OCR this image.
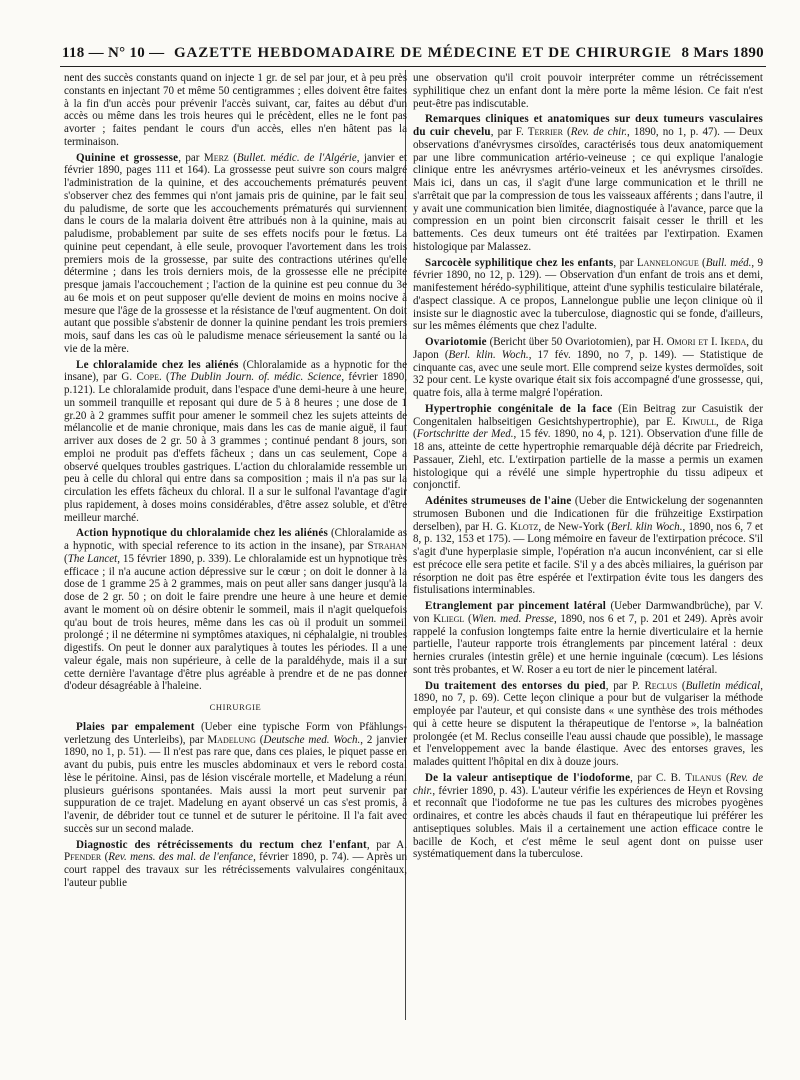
118 — N° 10 — GAZETTE HEBDOMADAIRE DE MÉDECINE ET DE CHIRURGIE 8 Mars 1890

nent des succès constants quand on injecte 1 gr. de sel par jour, et à peu près constants en injectant 70 et même 50 centigrammes ; elles doivent être faites à la fin d'un accès pour prévenir l'accès suivant, car, faites au début d'un accès ou même dans les trois heures qui le précèdent, elles ne le font pas avorter ; faites pendant le cours d'un accès, elles n'en hâtent pas la terminaison.

Quinine et grossesse, par Merz (Bullet. médic. de l'Algérie, janvier et février 1890, pages 111 et 164). La grossesse peut suivre son cours malgré l'administration de la quinine, et des accouchements prématurés peuvent s'observer chez des femmes qui n'ont jamais pris de quinine, par le fait seul du paludisme, de sorte que les accouchements prématurés qui surviennent dans le cours de la malaria doivent être attribués non à la quinine, mais au paludisme, probablement par suite de ses effets nocifs pour le fœtus. La quinine peut cependant, à elle seule, provoquer l'avortement dans les trois premiers mois de la grossesse, par suite des contractions utérines qu'elle détermine ; dans les trois derniers mois, de la grossesse elle ne précipite presque jamais l'accouchement ; l'action de la quinine est peu connue du 3e au 6e mois et on peut supposer qu'elle devient de moins en moins nocive à mesure que l'âge de la grossesse et la résistance de l'œuf augmentent. On doit autant que possible s'abstenir de donner la quinine pendant les trois premiers mois, sauf dans les cas où le paludisme menace sérieusement la santé ou la vie de la mère.

Le chloralamide chez les aliénés (Chloralamide as a hypnotic for the insane), par G. Cope. (The Dublin Journ. of. médic. Science, février 1890, p.121). Le chloralamide produit, dans l'espace d'une demi-heure à une heure, un sommeil tranquille et reposant qui dure de 5 à 8 heures ; une dose de 1 gr.20 à 2 grammes suffit pour amener le sommeil chez les sujets atteints de mélancolie et de manie chronique, mais dans les cas de manie aiguë, il faut arriver aux doses de 2 gr. 50 à 3 grammes ; continué pendant 8 jours, son emploi ne produit pas d'effets fâcheux ; dans un cas seulement, Cope a observé quelques troubles gastriques. L'action du chloralamide ressemble un peu à celle du chloral qui entre dans sa composition ; mais il n'a pas sur la circulation les effets fâcheux du chloral. Il a sur le sulfonal l'avantage d'agir plus rapidement, à doses moins considérables, d'être assez soluble, et d'être meilleur marché.

Action hypnotique du chloralamide chez les aliénés (Chloralamide as a hypnotic, with special reference to its action in the insane), par Strahan (The Lancet, 15 février 1890, p. 339). Le chloralamide est un hypnotique très efficace ; il n'a aucune action dépressive sur le cœur ; on doit le donner à la dose de 1 gramme 25 à 2 grammes, mais on peut aller sans danger jusqu'à la dose de 2 gr. 50 ; on doit le faire prendre une heure à une heure et demie avant le moment où on désire obtenir le sommeil, mais il n'agit quelquefois qu'au bout de trois heures, même dans les cas où il produit un sommeil prolongé ; il ne détermine ni symptômes ataxiques, ni céphalalgie, ni troubles digestifs. On peut le donner aux paralytiques à toutes les périodes. Il a une valeur égale, mais non supérieure, à celle de la paraldéhyde, mais il a sur cette dernière l'avantage d'être plus agréable à prendre et de ne pas donner d'odeur désagréable à l'haleine.

CHIRURGIE

Plaies par empalement (Ueber eine typische Form von Pfählungs-verletzung des Unterleibs), par Madelung (Deutsche med. Woch., 2 janvier 1890, no 1, p. 51). — Il n'est pas rare que, dans ces plaies, le piquet passe en avant du pubis, puis entre les muscles abdominaux et vers le rebord costal lèse le péritoine. Ainsi, pas de lésion viscérale mortelle, et Madelung a réuni plusieurs guérisons spontanées. Mais aussi la mort peut survenir par suppuration de ce trajet. Madelung en ayant observé un cas s'est promis, à l'avenir, de débrider tout ce tunnel et de suturer le péritoine. Il l'a fait avec succès sur un second malade.

Diagnostic des rétrécissements du rectum chez l'enfant, par A. Pfender (Rev. mens. des mal. de l'enfance, février 1890, p. 74). — Après un court rappel des travaux sur les rétrécissements valvulaires congénitaux, l'auteur publie

une observation qu'il croit pouvoir interpréter comme un rétrécissement syphilitique chez un enfant dont la mère porte la même lésion. Ce fait n'est peut-être pas indiscutable.

Remarques cliniques et anatomiques sur deux tumeurs vasculaires du cuir chevelu, par F. Terrier (Rev. de chir., 1890, no 1, p. 47). — Deux observations d'anévrysmes cirsoïdes, caractérisés tous deux anatomiquement par une libre communication artério-veineuse ; ce qui explique l'analogie clinique entre les anévrysmes artério-veineux et les anévrysmes cirsoïdes. Mais ici, dans un cas, il s'agit d'une large communication et le thrill ne s'arrêtait que par la compression de tous les vaisseaux afférents ; dans l'autre, il y avait une communication bien limitée, diagnostiquée à l'avance, parce que la compression en un point bien circonscrit faisait cesser le thrill et les battements. Ces deux tumeurs ont été traitées par l'extirpation. Examen histologique par Malassez.

Sarcocèle syphilitique chez les enfants, par Lannelongue (Bull. méd., 9 février 1890, no 12, p. 129). — Observation d'un enfant de trois ans et demi, manifestement hérédo-syphilitique, atteint d'une syphilis testiculaire bilatérale, d'aspect classique. A ce propos, Lannelongue publie une leçon clinique où il insiste sur le diagnostic avec la tuberculose, diagnostic qui se fonde, d'ailleurs, sur les mêmes éléments que chez l'adulte.

Ovariotomie (Bericht über 50 Ovariotomien), par H. Omori et I. Ikeda, du Japon (Berl. klin. Woch., 17 fév. 1890, no 7, p. 149). — Statistique de cinquante cas, avec une seule mort. Elle comprend seize kystes dermoïdes, soit 32 pour cent. Le kyste ovarique était six fois accompagné d'une grossesse, qui, quatre fois, alla à terme malgré l'opération.

Hypertrophie congénitale de la face (Ein Beitrag zur Casuistik der Congenitalen halbseitigen Gesichtshypertrophie), par E. Kiwull, de Riga (Fortschritte der Med., 15 fév. 1890, no 4, p. 121). Observation d'une fille de 18 ans, atteinte de cette hypertrophie remarquable déjà décrite par Friedreich, Passauer, Ziehl, etc. L'extirpation partielle de la masse a permis un examen histologique qui a révélé une simple hypertrophie du tissu adipeux et conjonctif.

Adénites strumeuses de l'aine (Ueber die Entwickelung der sogenannten strumosen Bubonen und die Indicationen für die frühzeitige Exstirpation derselben), par H. G. Klotz, de New-York (Berl. klin Woch., 1890, nos 6, 7 et 8, p. 132, 153 et 175). — Long mémoire en faveur de l'extirpation précoce. S'il s'agit d'une hyperplasie simple, l'opération n'a aucun inconvénient, car si elle est précoce elle sera petite et facile. S'il y a des abcès miliaires, la guérison par résorption ne doit pas être espérée et l'extirpation évite tous les dangers des fistulisations interminables.

Etranglement par pincement latéral (Ueber Darmwandbrüche), par V. von Kliegl (Wien. med. Presse, 1890, nos 6 et 7, p. 201 et 249). Après avoir rappelé la confusion longtemps faite entre la hernie diverticulaire et la hernie partielle, l'auteur rapporte trois étranglements par pincement latéral : deux hernies crurales (intestin grêle) et une hernie inguinale (cœcum). Les lésions sont très probantes, et W. Roser a eu tort de nier le pincement latéral.

Du traitement des entorses du pied, par P. Reclus (Bulletin médical, 1890, no 7, p. 69). Cette leçon clinique a pour but de vulgariser la méthode employée par l'auteur, et qui consiste dans « une synthèse des trois méthodes qui à cette heure se disputent la thérapeutique de l'entorse », la balnéation prolongée (et M. Reclus conseille l'eau aussi chaude que possible), le massage et l'enveloppement avec la bande élastique. Avec des entorses graves, les malades quittent l'hôpital en dix à douze jours.

De la valeur antiseptique de l'iodoforme, par C. B. Tilanus (Rev. de chir., février 1890, p. 43). L'auteur vérifie les expériences de Heyn et Rovsing et reconnaît que l'iodoforme ne tue pas les cultures des microbes pyogènes ordinaires, et contre les abcès chauds il faut en thérapeutique lui préférer les antiseptiques solubles. Mais il a certainement une action efficace contre le bacille de Koch, et c'est même le seul agent dont on puisse user systématiquement dans la tuberculose.
